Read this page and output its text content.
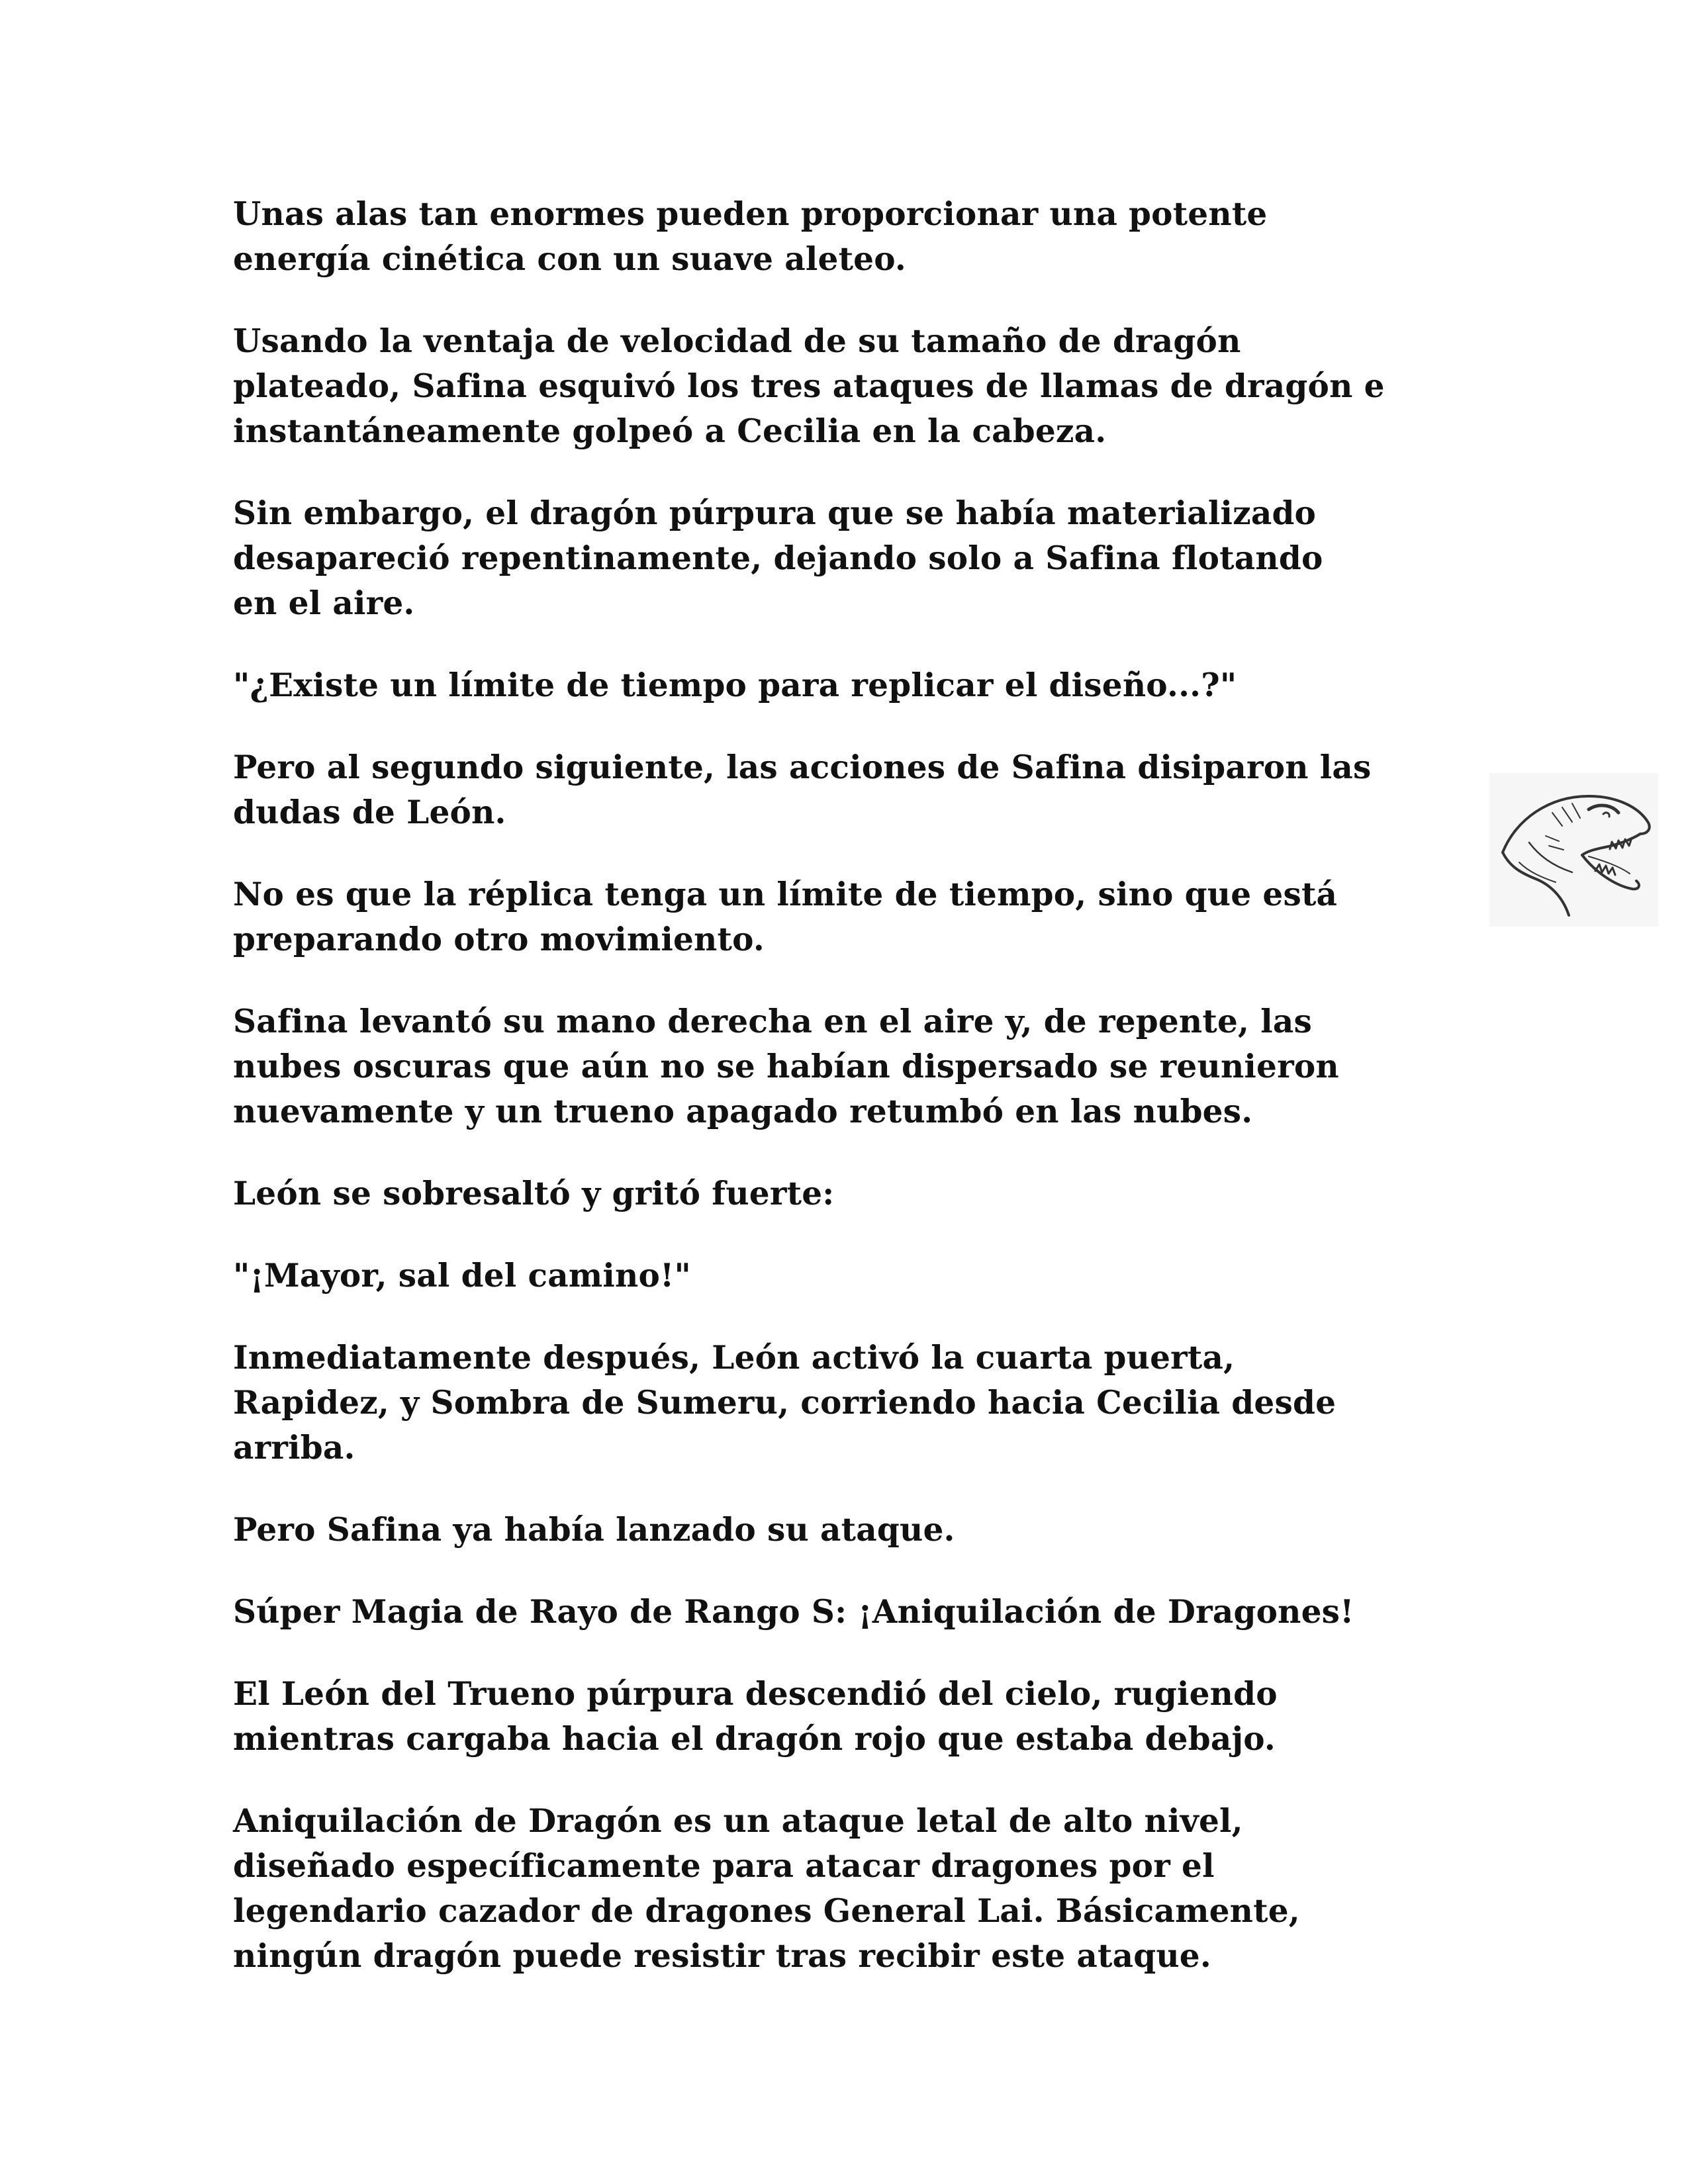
Unas alas tan enormes pueden proporcionar una potente
energía cinética con un suave aleteo.

Usando la ventaja de velocidad de su tamaño de dragón
plateado, Safina esquivó los tres ataques de llamas de dragón e
instantáneamente golpeó a Cecilia en la cabeza.

Sin embargo, el dragón púrpura que se había materializado
desapareció repentinamente, dejando solo a Safina flotando
en el aire.

"¿Existe un límite de tiempo para replicar el diseño...?"

Pero al segundo siguiente, las acciones de Safina disiparon las
dudas de León.

No es que la réplica tenga un límite de tiempo, sino que está
preparando otro movimiento.

Safina levantó su mano derecha en el aire y, de repente, las
nubes oscuras que aún no se habían dispersado se reunieron
nuevamente y un trueno apagado retumbó en las nubes.

León se sobresaltó y gritó fuerte:

"¡Mayor, sal del camino!"

Inmediatamente después, León activó la cuarta puerta,
Rapidez, y Sombra de Sumeru, corriendo hacia Cecilia desde
arriba.

Pero Safina ya había lanzado su ataque.

Súper Magia de Rayo de Rango S: ¡Aniquilación de Dragones!

El León del Trueno púrpura descendió del cielo, rugiendo
mientras cargaba hacia el dragón rojo que estaba debajo.

Aniquilación de Dragón es un ataque letal de alto nivel,
diseñado específicamente para atacar dragones por el
legendario cazador de dragones General Lai. Básicamente,
ningún dragón puede resistir tras recibir este ataque.
